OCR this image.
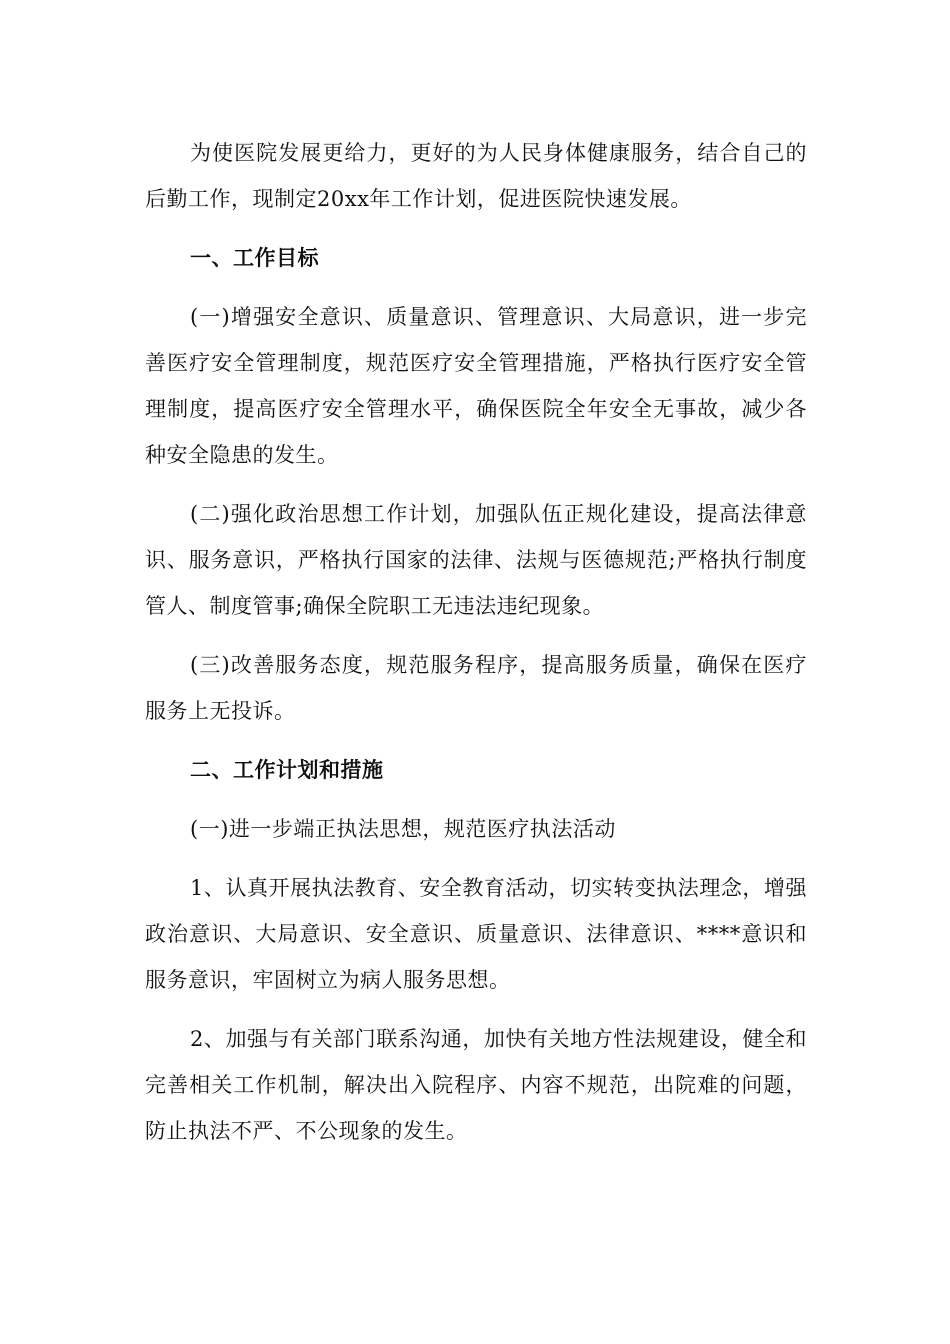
为使医院发展更给力，更好的为人民身体健康服务，结合自己的后勤工作，现制定20xx年工作计划，促进医院快速发展。

一、工作目标

(一)增强安全意识、质量意识、管理意识、大局意识，进一步完善医疗安全管理制度，规范医疗安全管理措施，严格执行医疗安全管理制度，提高医疗安全管理水平，确保医院全年安全无事故，减少各种安全隐患的发生。

(二)强化政治思想工作计划，加强队伍正规化建设，提高法律意识、服务意识，严格执行国家的法律、法规与医德规范;严格执行制度管人、制度管事;确保全院职工无违法违纪现象。

(三)改善服务态度，规范服务程序，提高服务质量，确保在医疗服务上无投诉。

二、工作计划和措施

(一)进一步端正执法思想，规范医疗执法活动

1、认真开展执法教育、安全教育活动，切实转变执法理念，增强政治意识、大局意识、安全意识、质量意识、法律意识、****意识和服务意识，牢固树立为病人服务思想。

2、加强与有关部门联系沟通，加快有关地方性法规建设，健全和完善相关工作机制，解决出入院程序、内容不规范，出院难的问题，防止执法不严、不公现象的发生。
